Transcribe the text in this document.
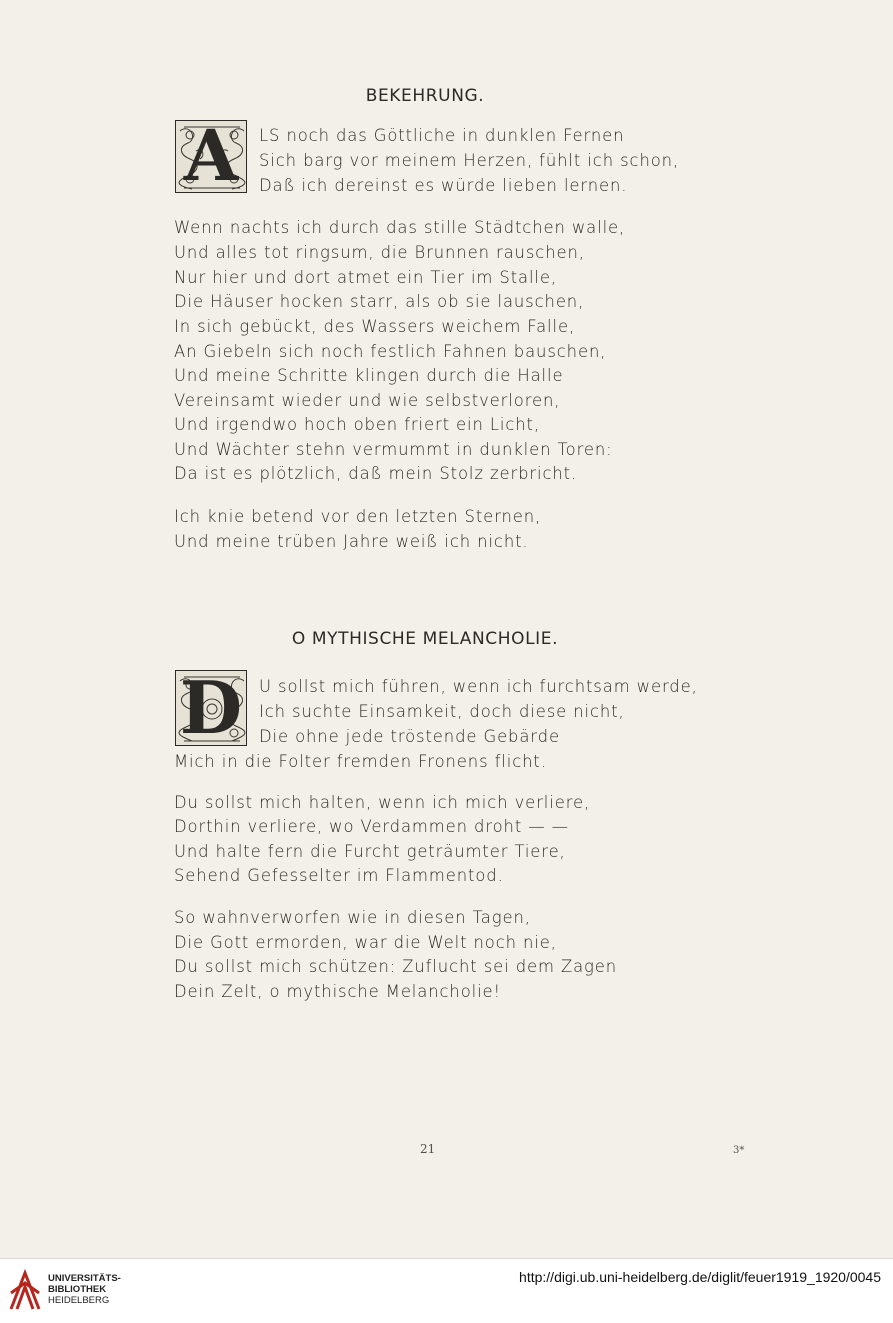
BEKEHRUNG.
A	LS noch das Göttliche in dunklen Fernen
Sich barg vor meinem Herzen, fühlt ich schon,
Daß ich dereinst es würde lieben lernen.
Wenn nachts ich durch das stille Städtchen walle,
Und alles tot ringsum, die Brunnen rauschen,
Nur hier und dort atmet ein Tier im Stalle,
Die Häuser hocken starr, als ob sie lauschen,
In sich gebückt, des Wassers weichem Falle,
An Giebeln sich noch festlich Fahnen bauschen,
Und meine Schritte klingen durch die Halle
Vereinsamt wieder und wie selbstverloren,
Und irgendwo hoch oben friert ein Licht,
Und Wächter stehn vermummt in dunklen Toren:
Da ist es plötzlich, daß mein Stolz zerbricht.
Ich knie betend vor den letzten Sternen,
Und meine trüben Jahre weiß ich nicht.
O MYTHISCHE MELANCHOLIE.
D U sollst mich führen, wenn ich furchtsam werde,
Ich suchte Einsamkeit, doch diese nicht,
Die ohne jede tröstende Gebärde
Mich in die Folter fremden Fronens flicht.
Du sollst mich halten, wenn ich mich verliere,
Dorthin verliere, wo Verdammen droht — —
Und halte fern die Furcht geträumter Tiere,
Sehend Gefesselter im Flammentod.
So wahnverworfen wie in diesen Tagen,
Die Gott ermorden, war die Welt noch nie,
Du sollst mich schützen: Zuflucht sei dem Zagen
Dein Zelt, o mythische Melancholie!
21	3*
UNIVERSITÄTS-
BIBLIOTHEK
HEIDELBERG
http://digi.ub.uni-heidelberg.de/diglit/feuer1919_1920/0045
